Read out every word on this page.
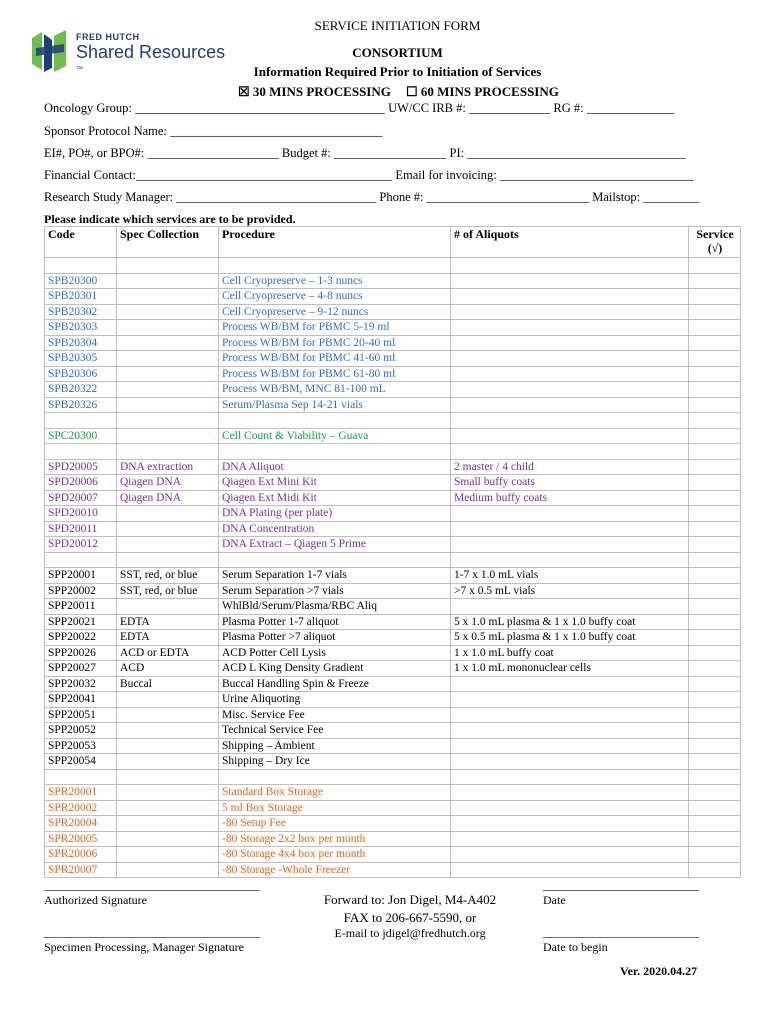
FRED HUTCH
Shared Resources
™
SERVICE INITIATION FORM
CONSORTIUM
Information Required Prior to Initiation of Services
☒ 30 MINS PROCESSING ☐ 60 MINS PROCESSING
Oncology Group: ________________________________________ UW/CC IRB #: _____________ RG #: ______________
Sponsor Protocol Name: __________________________________
EI#, PO#, or BPO#: _____________________ Budget #: __________________ PI: ___________________________________
Financial Contact:_________________________________________ Email for invoicing: _______________________________
Research Study Manager: ________________________________ Phone #: __________________________ Mailstop: _________
Please indicate which services are to be provided.
Code	Spec Collection	Procedure	# of Aliquots	Service
(√)

SPB20300		Cell Cryopreserve – 1-3 nuncs		
SPB20301		Cell Cryopreserve – 4-8 nuncs		
SPB20302		Cell Cryopreserve – 9-12 nuncs		
SPB20303		Process WB/BM for PBMC 5-19 ml		
SPB20304		Process WB/BM for PBMC 20-40 ml		
SPB20305		Process WB/BM for PBMC 41-60 ml		
SPB20306		Process WB/BM for PBMC 61-80 ml		
SPB20322		Process WB/BM, MNC 81-100 mL		
SPB20326		Serum/Plasma Sep 14-21 vials		

SPC20300		Cell Count & Viability – Guava		

SPD20005	DNA extraction	DNA Aliquot	2 master / 4 child	
SPD20006	Qiagen DNA	Qiagen Ext Mini Kit	Small buffy coats	
SPD20007	Qiagen DNA	Qiagen Ext Midi Kit	Medium buffy coats	
SPD20010		DNA Plating (per plate)		
SPD20011		DNA Concentration		
SPD20012		DNA Extract – Qiagen 5 Prime		

SPP20001	SST, red, or blue	Serum Separation 1-7 vials	1-7 x 1.0 mL vials	
SPP20002	SST, red, or blue	Serum Separation >7 vials	>7 x 0.5 mL vials	
SPP20011		WhlBld/Serum/Plasma/RBC Aliq		
SPP20021	EDTA	Plasma Potter 1-7 aliquot	5 x 1.0 mL plasma & 1 x 1.0 buffy coat	
SPP20022	EDTA	Plasma Potter >7 aliquot	5 x 0.5 mL plasma & 1 x 1.0 buffy coat	
SPP20026	ACD or EDTA	ACD Potter Cell Lysis	1 x 1.0 mL buffy coat	
SPP20027	ACD	ACD L King Density Gradient	1 x 1.0 mL mononuclear cells	
SPP20032	Buccal	Buccal Handling Spin & Freeze		
SPP20041		Urine Aliquoting		
SPP20051		Misc. Service Fee		
SPP20052		Technical Service Fee		
SPP20053		Shipping – Ambient		
SPP20054		Shipping – Dry Ice		

SPR20001		Standard Box Storage		
SPR20002		5 ml Box Storage		
SPR20004		-80 Setup Fee		
SPR20005		-80 Storage 2x2 box per month		
SPR20006		-80 Storage 4x4 box per month		
SPR20007		-80 Storage -Whole Freezer		
____________________________________
Authorized Signature
____________________________________
Specimen Processing, Manager Signature
Forward to: Jon Digel, M4-A402
FAX to 206-667-5590, or
E-mail to jdigel@fredhutch.org
__________________________
Date
__________________________
Date to begin
Ver. 2020.04.27
